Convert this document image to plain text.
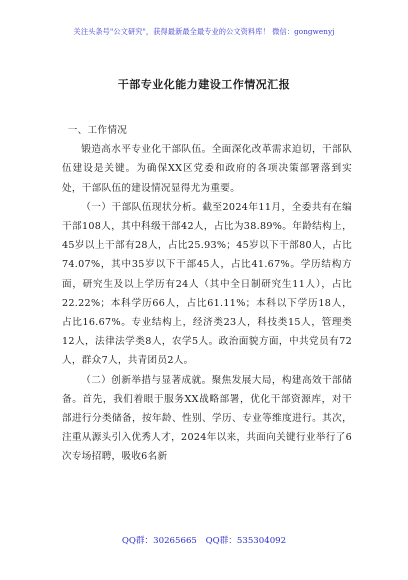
关注头条号"公文研究"，获得最新最全最专业的公文资料库！ 微信：gongwenyj
干部专业化能力建设工作情况汇报

一、工作情况

锻造高水平专业化干部队伍。全面深化改革需求迫切，干部队伍建设是关键。为确保XX区党委和政府的各项决策部署落到实处，干部队伍的建设情况显得尤为重要。

（一）干部队伍现状分析。截至2024年11月，全委共有在编干部108人，其中科级干部42人，占比为38.89%。年龄结构上，45岁以上干部有28人，占比25.93%；45岁以下干部80人，占比74.07%，其中35岁以下干部45人，占比41.67%。学历结构方面，研究生及以上学历有24人（其中全日制研究生11人），占比22.22%；本科学历66人，占比61.11%；本科以下学历18人，占比16.67%。专业结构上，经济类23人，科技类15人，管理类12人，法律法学类8人，农学5人。政治面貌方面，中共党员有72人，群众7人，共青团员2人。

（二）创新举措与显著成就。聚焦发展大局，构建高效干部储备。首先，我们着眼于服务XX战略部署，优化干部资源库，对干部进行分类储备，按年龄、性别、学历、专业等维度进行。其次，注重从源头引入优秀人才，2024年以来，共面向关键行业举行了6次专场招聘，吸收6名新

QQ群：30265665 QQ群：535304092
